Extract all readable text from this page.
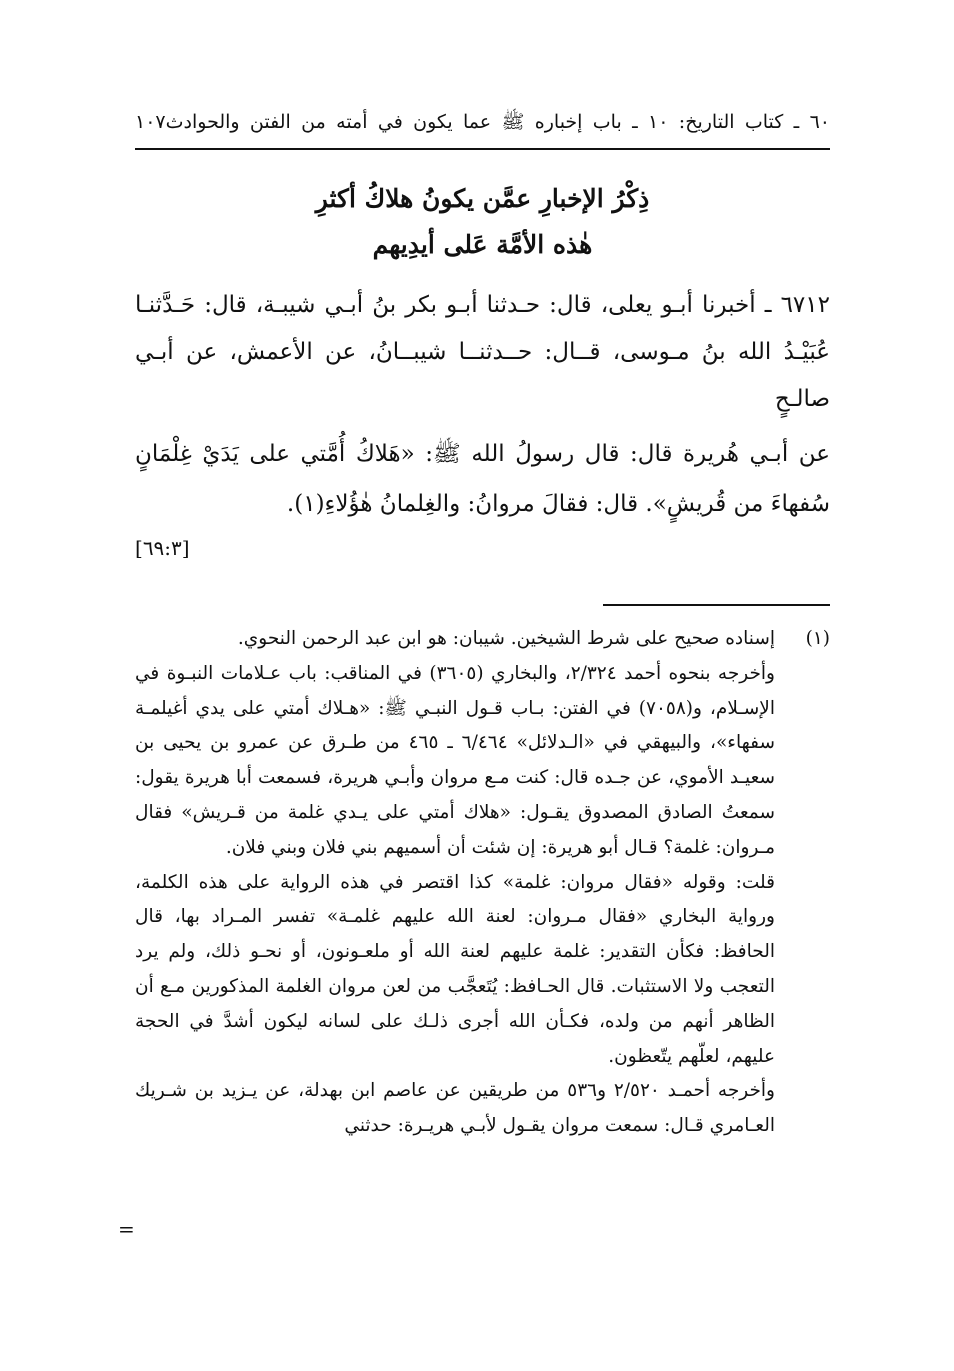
٦٠ ـ كتاب التاريخ: ١٠ ـ باب إخباره ﷺ عما يكون في أمته من الفتن والحوادث١٠٧
ذِكْرُ الإخبارِ عمَّن يكونُ هلاكُ أكثرِ
هٰذه الأمَّة عَلى أيدِيهم

٦٧١٢ ـ أخبرنا أبـو يعلى، قال: حـدثنا أبـو بكر بنُ أبـي شيبـة، قال: حَـدَّثنـا عُبَيْـدُ الله بنُ مـوسى، قــال: حــدثنــا شيبــانُ، عن الأعمش، عن أبـي صالـحٍ

عن أبـي هُريرة قال: قال رسولُ الله ﷺ: «هَلاكُ أُمَّتي على يَدَيْ غِلْمَانٍ سُفهاءَ من قُريشٍ». قال: فقالَ مروانُ: والغِلمانُ هٰؤُلاءِ(١).

[٦٩:٣]

(١)إسناده صحيح على شرط الشيخين. شيبان: هو ابن عبد الرحمن النحوي.

وأخرجه بنحوه أحمد ٢/٣٢٤، والبخاري (٣٦٠٥) في المناقب: باب عـلامات النبـوة في الإسـلام، و(٧٠٥٨) في الفتن: بـاب قـول النبـي ﷺ: «هـلاك أمتي على يدي أغيلمـة سفهاء»، والبيهقي في «الـدلائل» ٦/٤٦٤ ـ ٤٦٥ من طـرق عن عمرو بن يحيى بن سعيـد الأموي، عن جـده قال: كنت مـع مروان وأبـي هريرة، فسمعت أبا هريرة يقول: سمعتُ الصادق المصدوق يقـول: «هلاك أمتي على يـدي غلمة من قـريش» فقال مـروان: غلمة؟ قـال أبو هريرة: إن شئت أن أسميهم بني فلان وبني فلان.

قلت: وقوله «فقال مروان: غلمة» كذا اقتصر في هذه الرواية على هذه الكلمة، ورواية البخاري «فقال مـروان: لعنة الله عليهم غلمـة» تفسر المـراد بها، قال الحافظ: فكأن التقدير: غلمة عليهم لعنة الله أو ملعـونون، أو نحـو ذلك، ولم يرد التعجب ولا الاستثبات. قال الحـافظ: يُتَعجَّب من لعن مروان الغلمة المذكورين مـع أن الظاهر أنهم من ولده، فكـأن الله أجرى ذلـك على لسانه ليكون أشدَّ في الحجة عليهم، لعلّهم يتّعظون.

وأخرجه أحمـد ٢/٥٢٠ و٥٣٦ من طريقين عن عاصم ابن بهدلة، عن يـزيد بن شـريك العـامري قـال: سمعت مروان يقـول لأبـي هريـرة: حدثني

=
